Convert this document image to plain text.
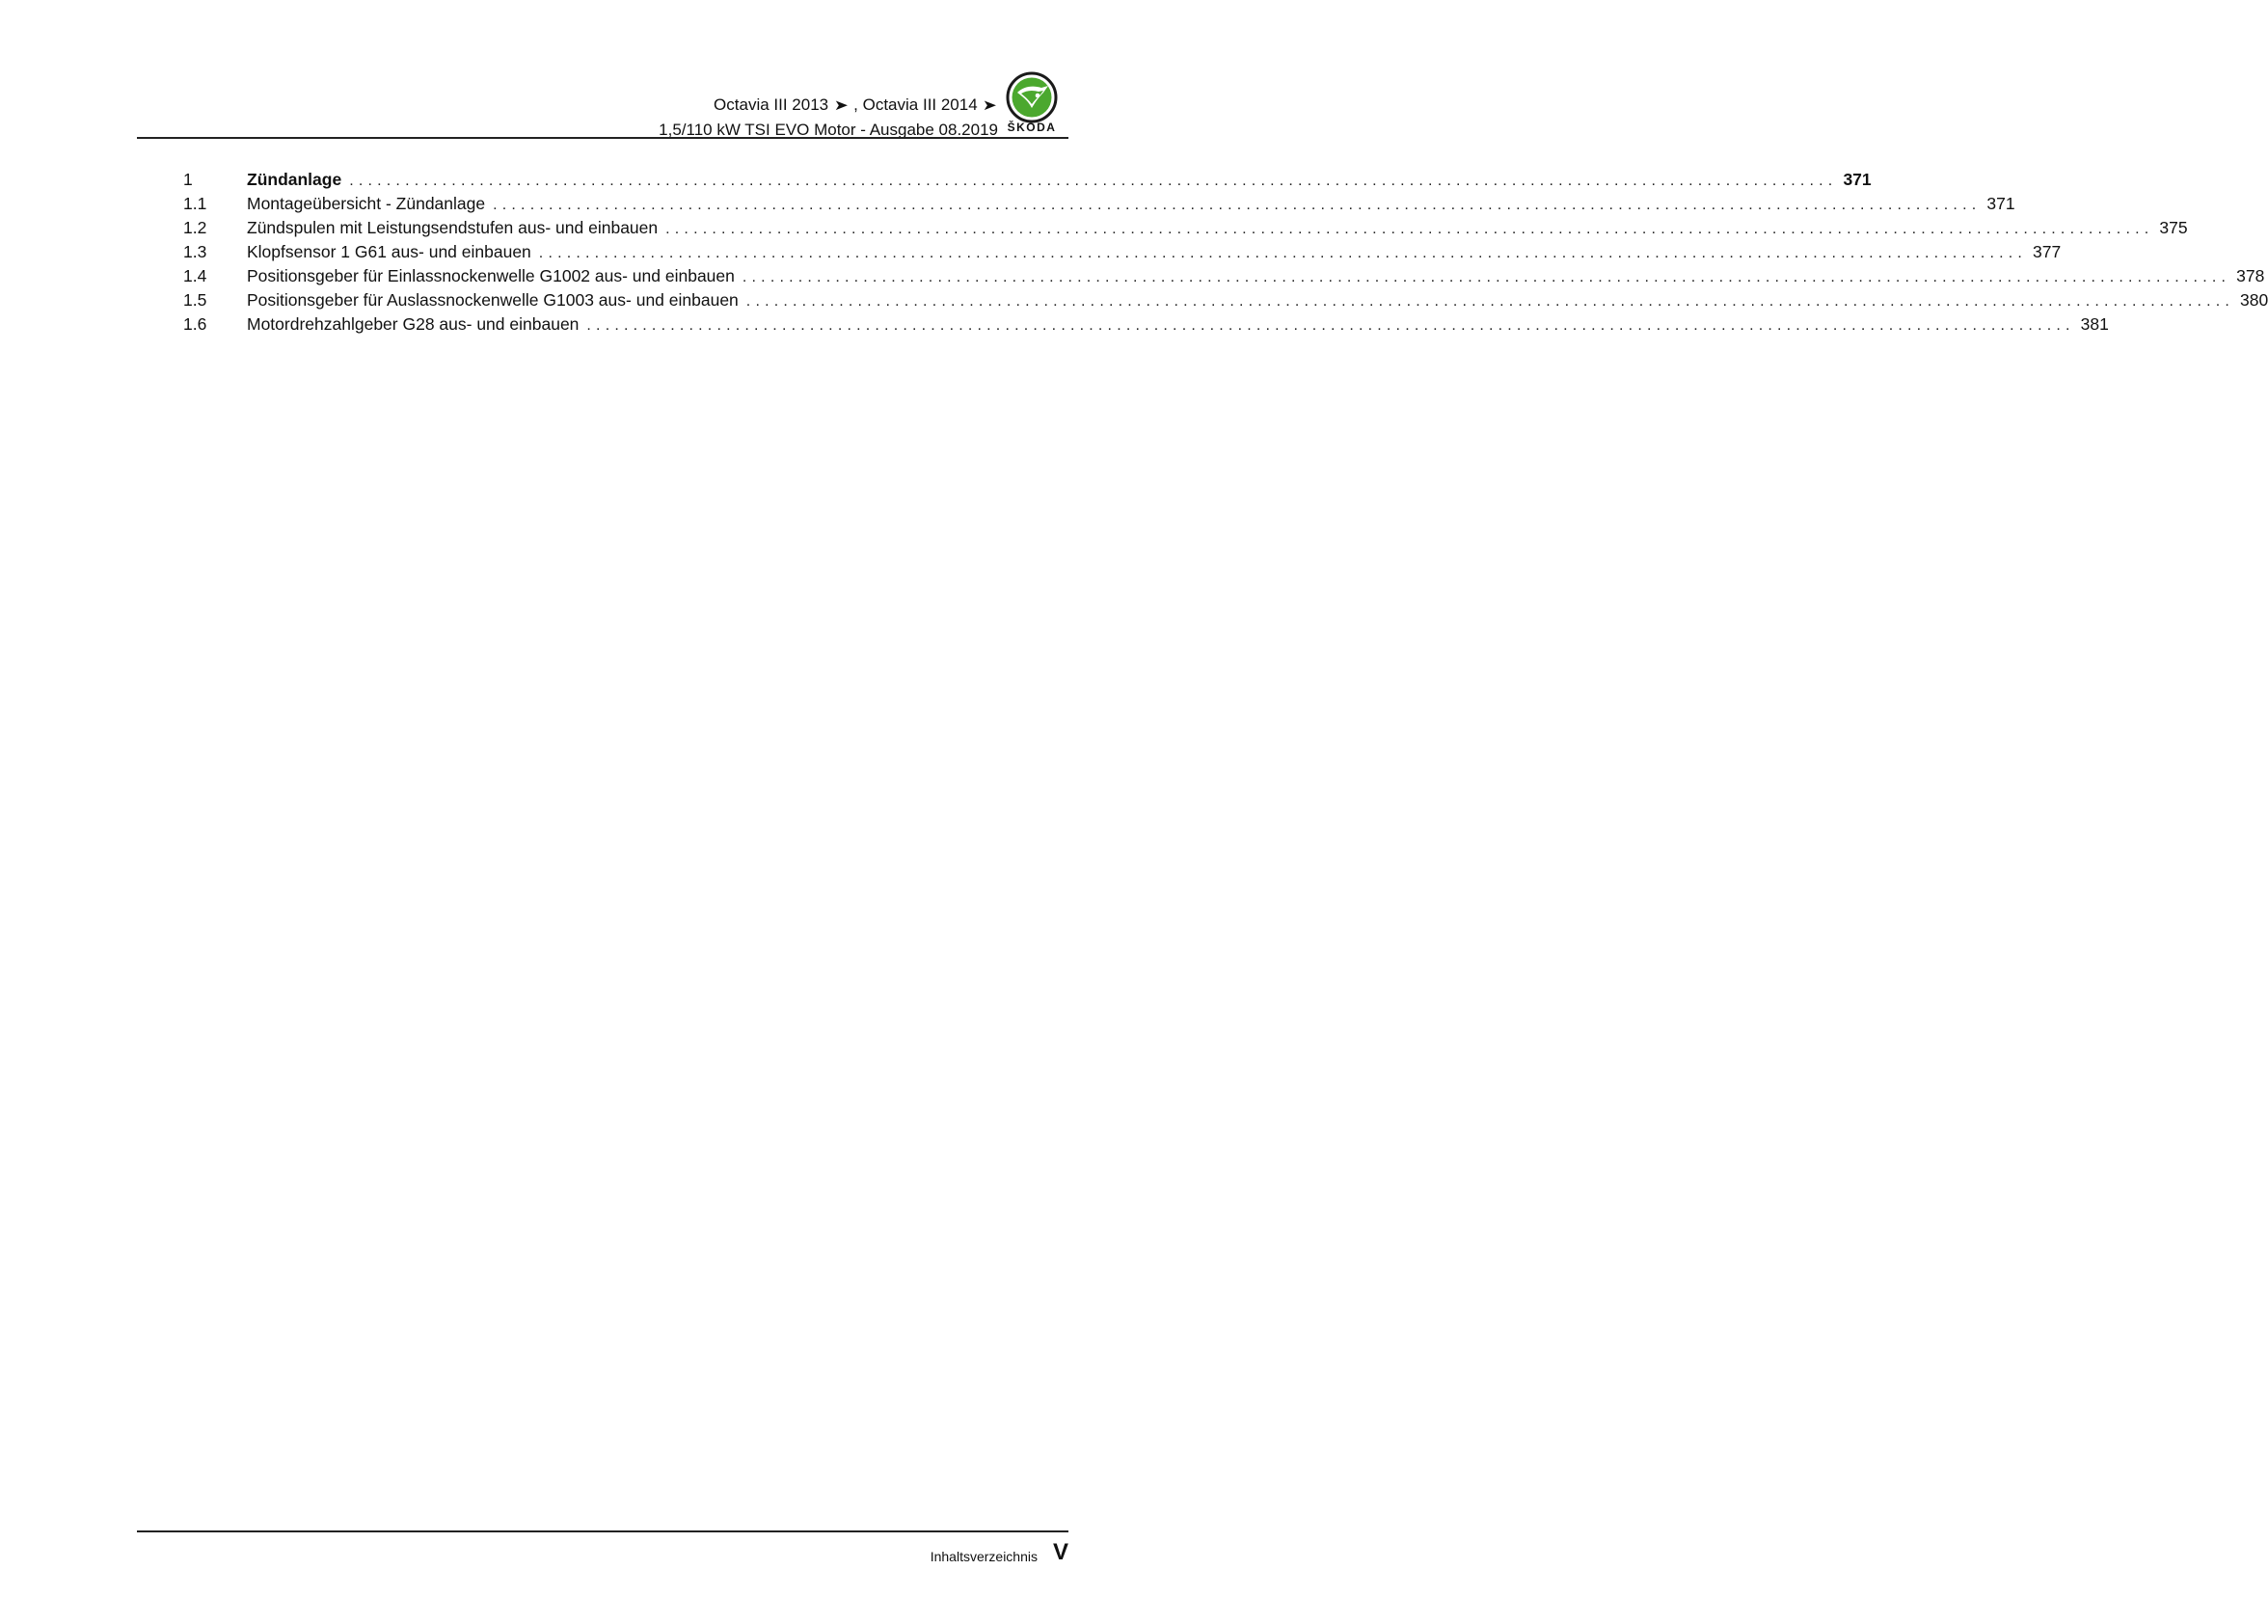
Octavia III 2013 ➤ , Octavia III 2014 ➤
1,5/110 kW TSI EVO Motor - Ausgabe 08.2019 ŠKODA
1	Zündanlage ................................................................................................................................................................ 371
1.1	Montageübersicht - Zündanlage ................................................................................................................................................................ 371
1.2	Zündspulen mit Leistungsendstufen aus- und einbauen ................................................................................................................................................................ 375
1.3	Klopfsensor 1 G61 aus- und einbauen ................................................................................................................................................................ 377
1.4	Positionsgeber für Einlassnockenwelle G1002 aus- und einbauen ................................................................................................................................................................ 378
1.5	Positionsgeber für Auslassnockenwelle G1003 aus- und einbauen ................................................................................................................................................................ 380
1.6	Motordrehzahlgeber G28 aus- und einbauen ................................................................................................................................................................ 381
Inhaltsverzeichnis V
